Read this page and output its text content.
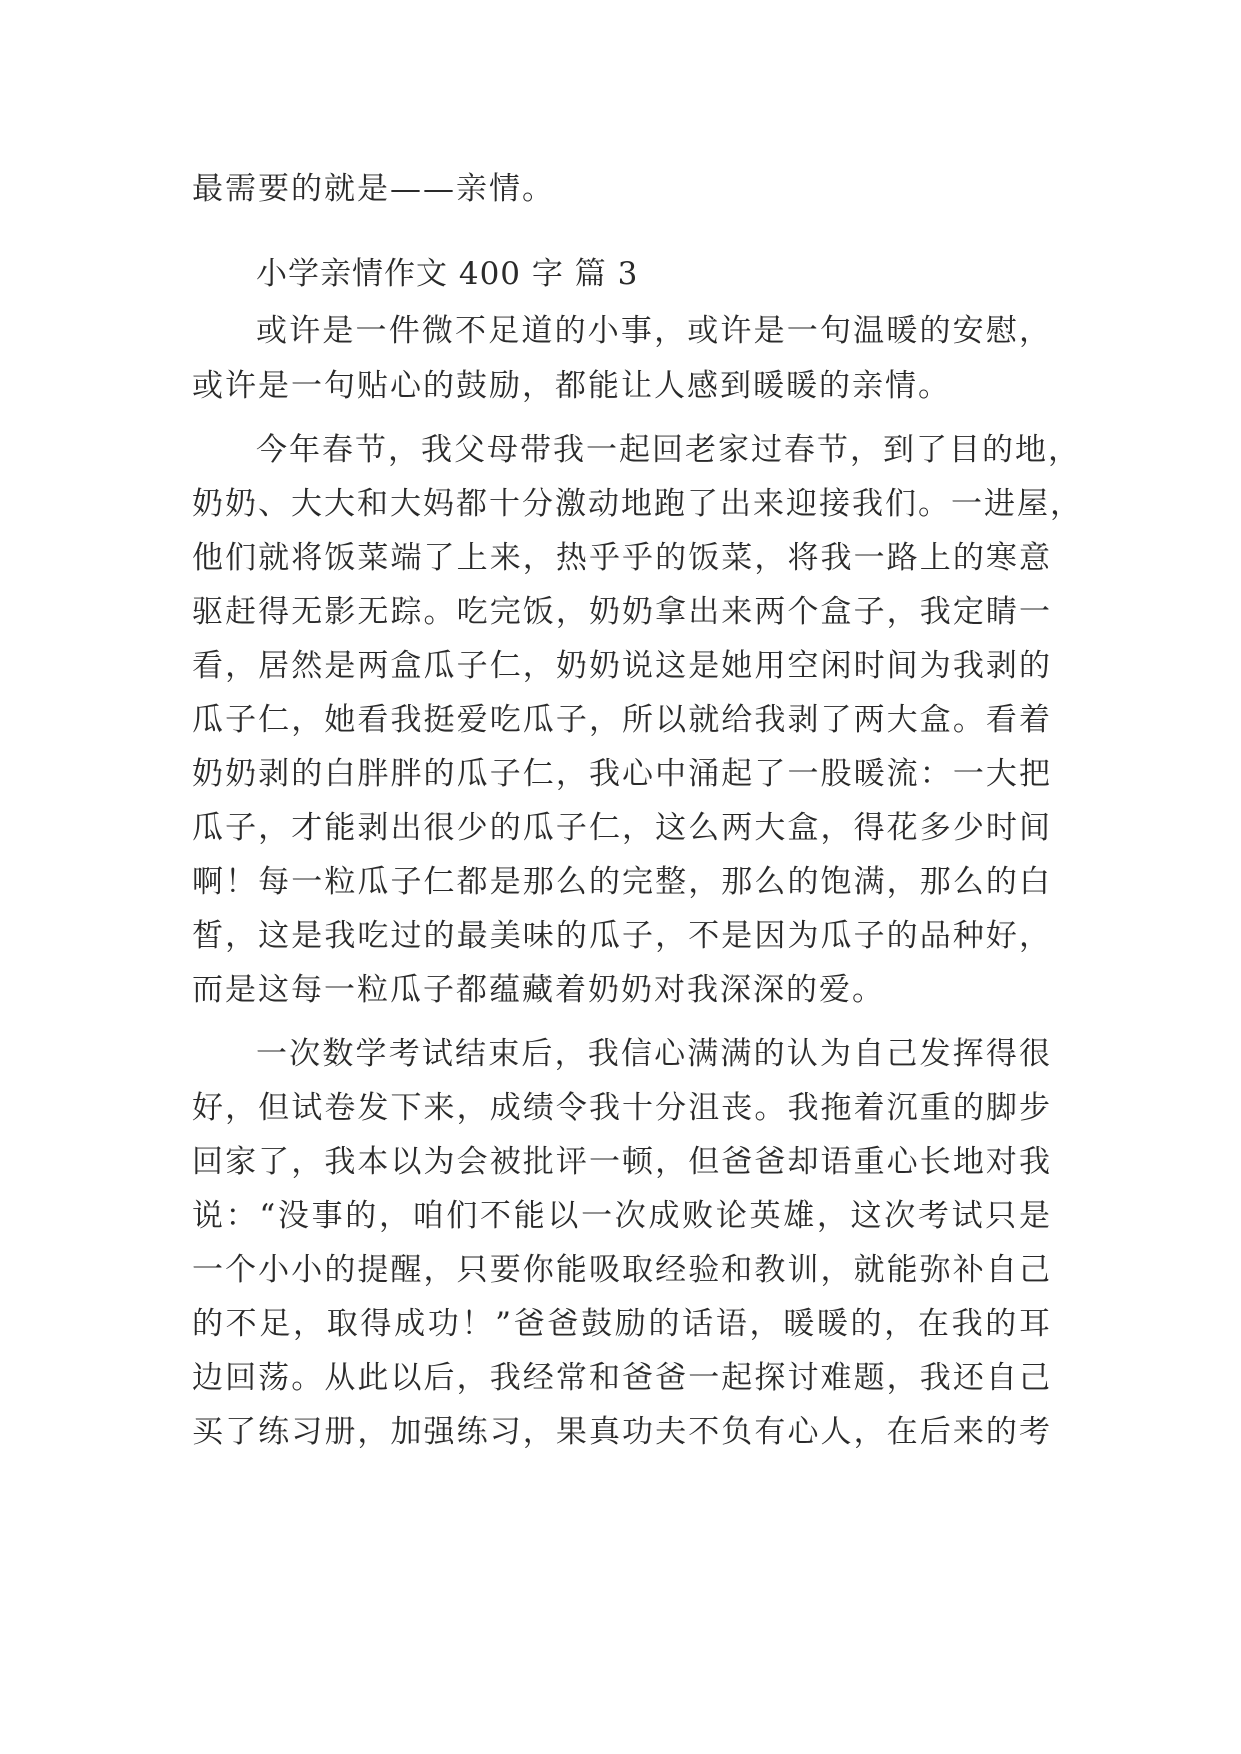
最需要的就是——亲情。
小学亲情作文 400 字 篇 3
或许是一件微不足道的小事，或许是一句温暖的安慰，
或许是一句贴心的鼓励，都能让人感到暖暖的亲情。
今年春节，我父母带我一起回老家过春节，到了目的地，
奶奶、大大和大妈都十分激动地跑了出来迎接我们。一进屋，
他们就将饭菜端了上来，热乎乎的饭菜，将我一路上的寒意
驱赶得无影无踪。吃完饭，奶奶拿出来两个盒子，我定睛一
看，居然是两盒瓜子仁，奶奶说这是她用空闲时间为我剥的
瓜子仁，她看我挺爱吃瓜子，所以就给我剥了两大盒。看着
奶奶剥的白胖胖的瓜子仁，我心中涌起了一股暖流：一大把
瓜子，才能剥出很少的瓜子仁，这么两大盒，得花多少时间
啊！每一粒瓜子仁都是那么的完整，那么的饱满，那么的白
皙，这是我吃过的最美味的瓜子，不是因为瓜子的品种好，
而是这每一粒瓜子都蕴藏着奶奶对我深深的爱。
一次数学考试结束后，我信心满满的认为自己发挥得很
好，但试卷发下来，成绩令我十分沮丧。我拖着沉重的脚步
回家了，我本以为会被批评一顿，但爸爸却语重心长地对我
说：“没事的，咱们不能以一次成败论英雄，这次考试只是
一个小小的提醒，只要你能吸取经验和教训，就能弥补自己
的不足，取得成功！”爸爸鼓励的话语，暖暖的，在我的耳
边回荡。从此以后，我经常和爸爸一起探讨难题，我还自己
买了练习册，加强练习，果真功夫不负有心人，在后来的考
